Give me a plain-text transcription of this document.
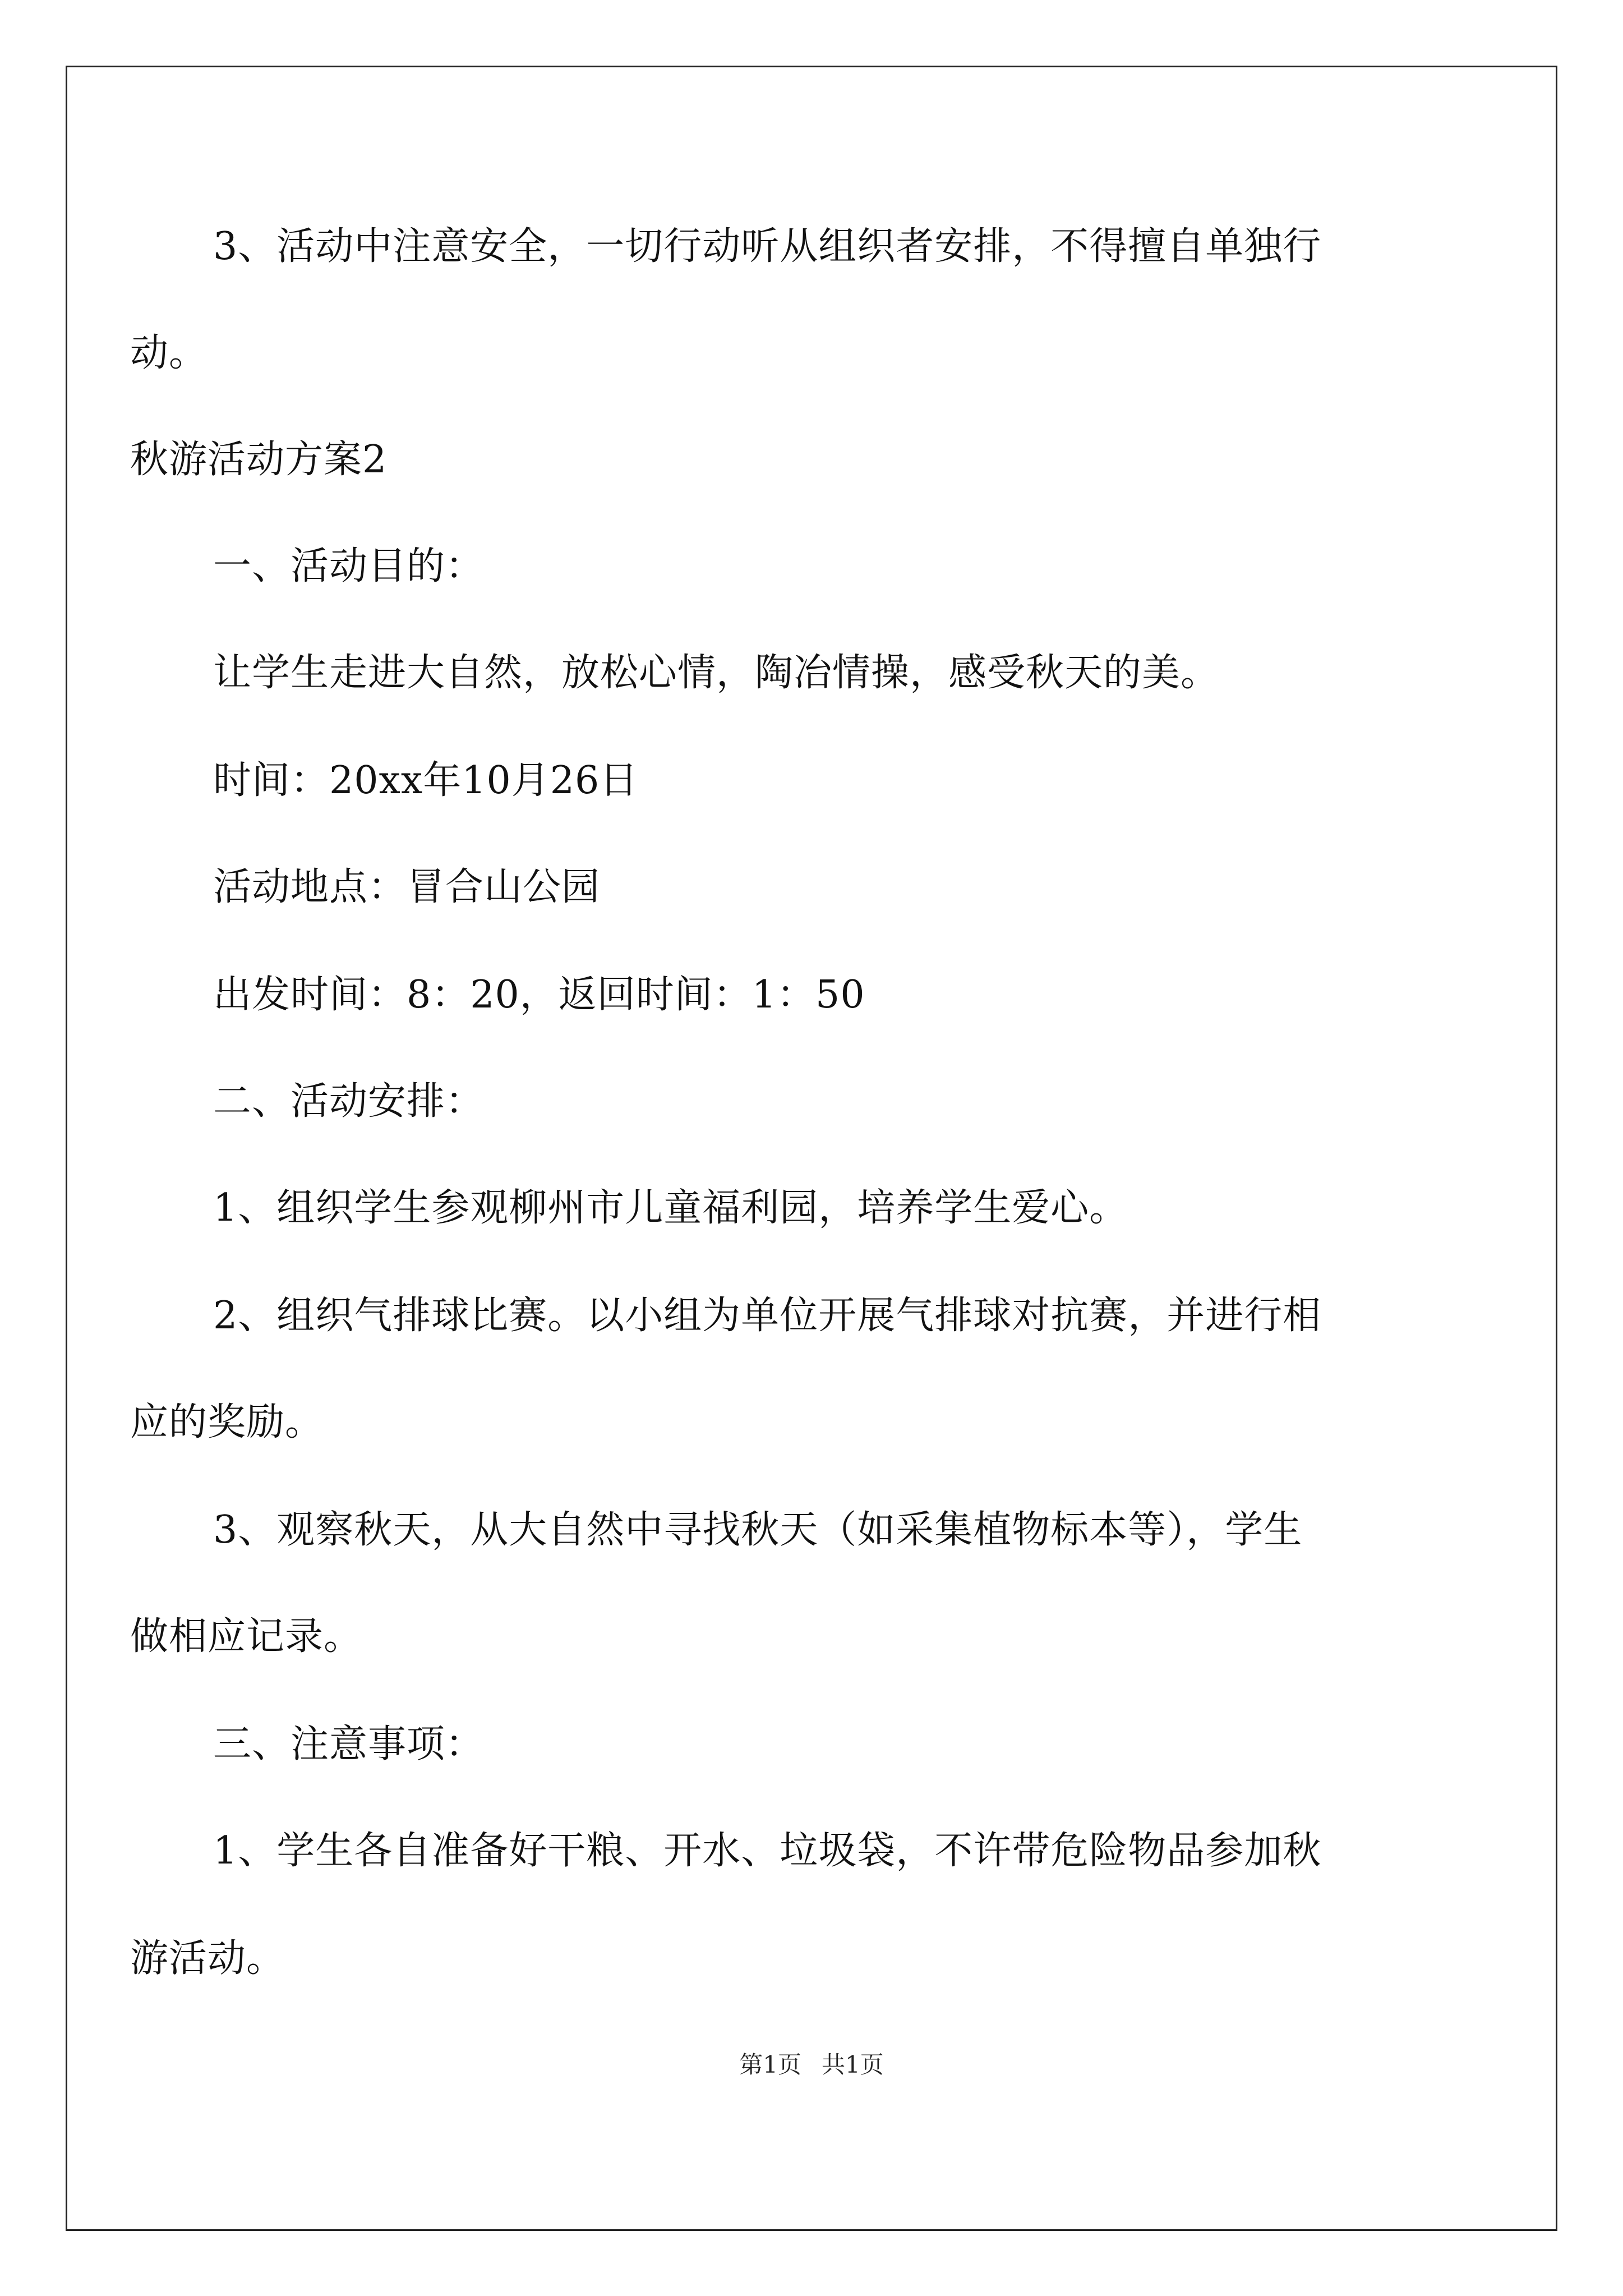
3、活动中注意安全，一切行动听从组织者安排，不得擅自单独行
动。
秋游活动方案2
一、活动目的：
让学生走进大自然，放松心情，陶冶情操，感受秋天的美。
时间：20xx年10月26日
活动地点：冒合山公园
出发时间：8：20，返回时间：1：50
二、活动安排：
1、组织学生参观柳州市儿童福利园，培养学生爱心。
2、组织气排球比赛。以小组为单位开展气排球对抗赛，并进行相
应的奖励。
3、观察秋天，从大自然中寻找秋天（如采集植物标本等），学生
做相应记录。
三、注意事项：
1、学生各自准备好干粮、开水、垃圾袋，不许带危险物品参加秋
游活动。
第1页 共1页
